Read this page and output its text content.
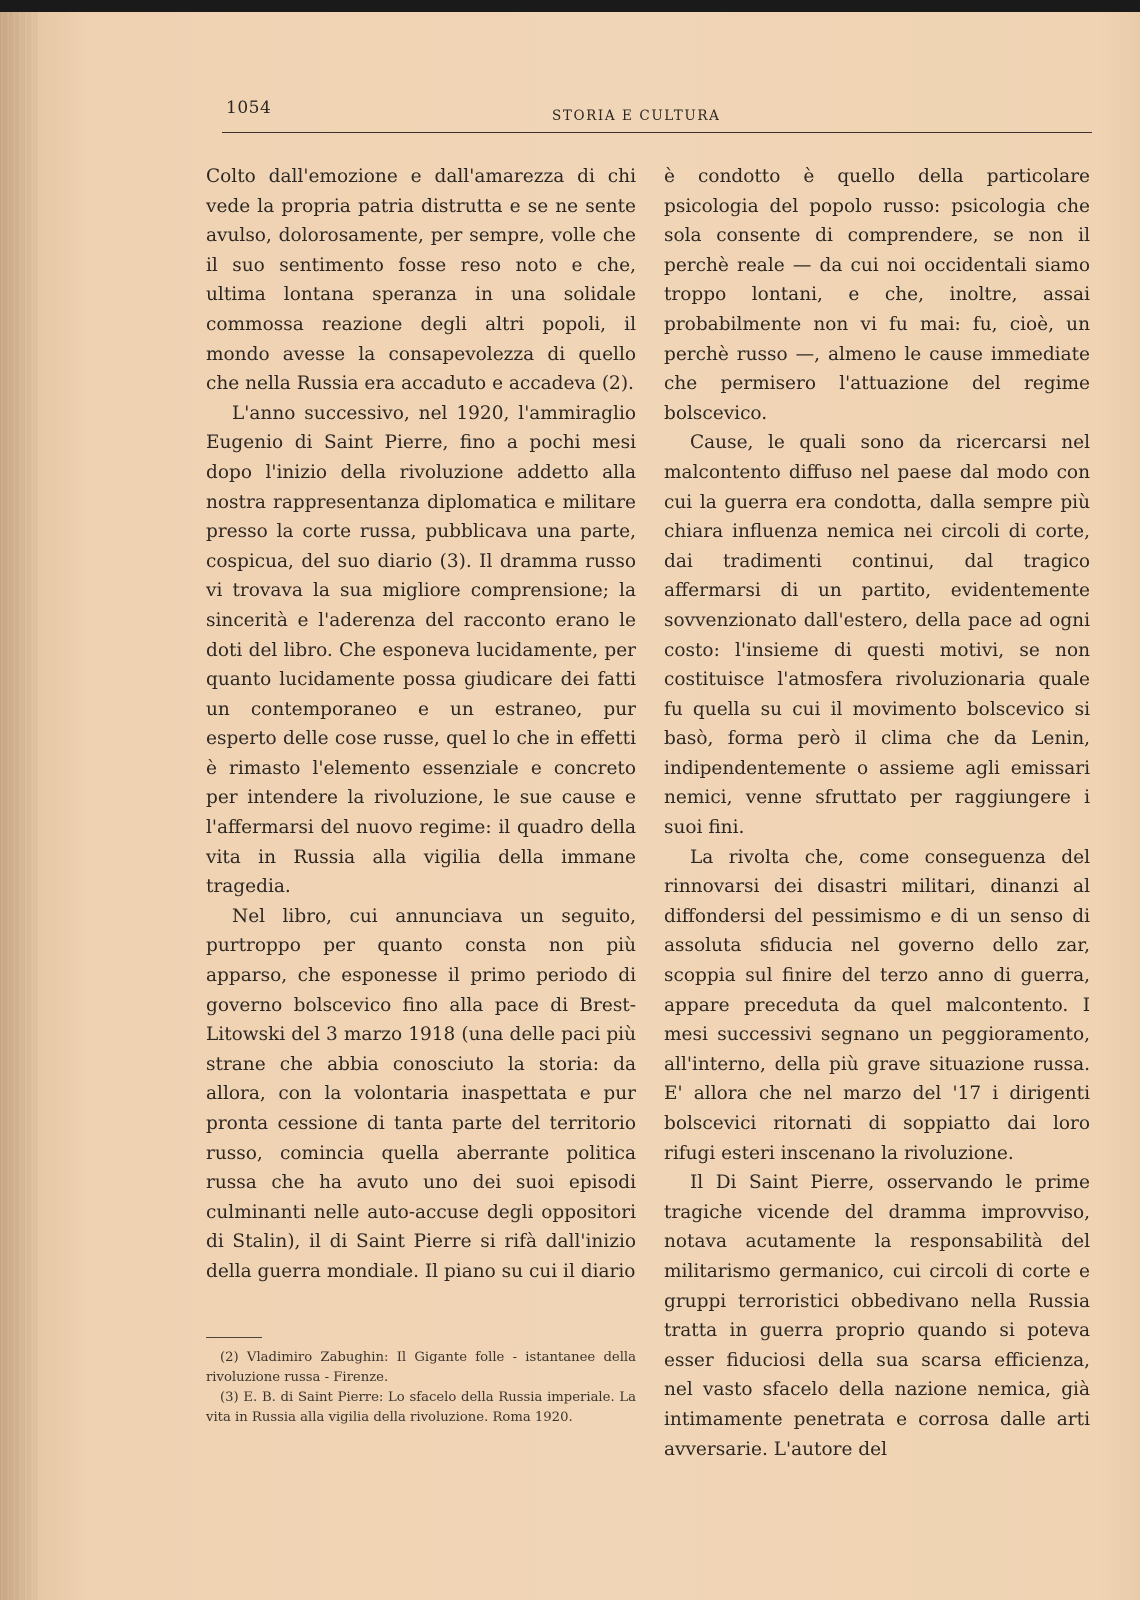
1054	STORIA E CULTURA

Colto dall'emozione e dall'amarezza di chi vede la propria patria distrutta e se ne sente avulso, dolorosamente, per sempre, volle che il suo sentimento fosse reso noto e che, ultima lontana speranza in una solidale commossa reazione degli altri popoli, il mondo avesse la consapevolezza di quello che nella Russia era accaduto e accadeva (2).

L'anno successivo, nel 1920, l'ammiraglio Eugenio di Saint Pierre, fino a pochi mesi dopo l'inizio della rivoluzione addetto alla nostra rappresentanza diplomatica e militare presso la corte russa, pubblicava una parte, cospicua, del suo diario (3). Il dramma russo vi trovava la sua migliore comprensione; la sincerità e l'aderenza del racconto erano le doti del libro. Che esponeva lucidamente, per quanto lucidamente possa giudicare dei fatti un contemporaneo e un estraneo, pur esperto delle cose russe, quel lo che in effetti è rimasto l'elemento essenziale e concreto per intendere la rivoluzione, le sue cause e l'affermarsi del nuovo regime: il quadro della vita in Russia alla vigilia della immane tragedia.

Nel libro, cui annunciava un seguito, purtroppo per quanto consta non più apparso, che esponesse il primo periodo di governo bolscevico fino alla pace di Brest-Litowski del 3 marzo 1918 (una delle paci più strane che abbia conosciuto la storia: da allora, con la volontaria inaspettata e pur pronta cessione di tanta parte del territorio russo, comincia quella aberrante politica russa che ha avuto uno dei suoi episodi culminanti nelle auto-accuse degli oppositori di Stalin), il di Saint Pierre si rifà dall'inizio della guerra mondiale. Il piano su cui il diario

è condotto è quello della particolare psicologia del popolo russo: psicologia che sola consente di comprendere, se non il perchè reale — da cui noi occidentali siamo troppo lontani, e che, inoltre, assai probabilmente non vi fu mai: fu, cioè, un perchè russo —, almeno le cause immediate che permisero l'attuazione del regime bolscevico.

Cause, le quali sono da ricercarsi nel malcontento diffuso nel paese dal modo con cui la guerra era condotta, dalla sempre più chiara influenza nemica nei circoli di corte, dai tradimenti continui, dal tragico affermarsi di un partito, evidentemente sovvenzionato dall'estero, della pace ad ogni costo: l'insieme di questi motivi, se non costituisce l'atmosfera rivoluzionaria quale fu quella su cui il movimento bolscevico si basò, forma però il clima che da Lenin, indipendentemente o assieme agli emissari nemici, venne sfruttato per raggiungere i suoi fini.

La rivolta che, come conseguenza del rinnovarsi dei disastri militari, dinanzi al diffondersi del pessimismo e di un senso di assoluta sfiducia nel governo dello zar, scoppia sul finire del terzo anno di guerra, appare preceduta da quel malcontento. I mesi successivi segnano un peggioramento, all'interno, della più grave situazione russa. E' allora che nel marzo del '17 i dirigenti bolscevici ritornati di soppiatto dai loro rifugi esteri inscenano la rivoluzione.

Il Di Saint Pierre, osservando le prime tragiche vicende del dramma improvviso, notava acutamente la responsabilità del militarismo germanico, cui circoli di corte e gruppi terroristici obbedivano nella Russia tratta in guerra proprio quando si poteva esser fiduciosi della sua scarsa efficienza, nel vasto sfacelo della nazione nemica, già intimamente penetrata e corrosa dalle arti avversarie. L'autore del

(2) Vladimiro Zabughin: Il Gigante folle - istantanee della rivoluzione russa - Firenze.

(3) E. B. di Saint Pierre: Lo sfacelo della Russia imperiale. La vita in Russia alla vigilia della rivoluzione. Roma 1920.
